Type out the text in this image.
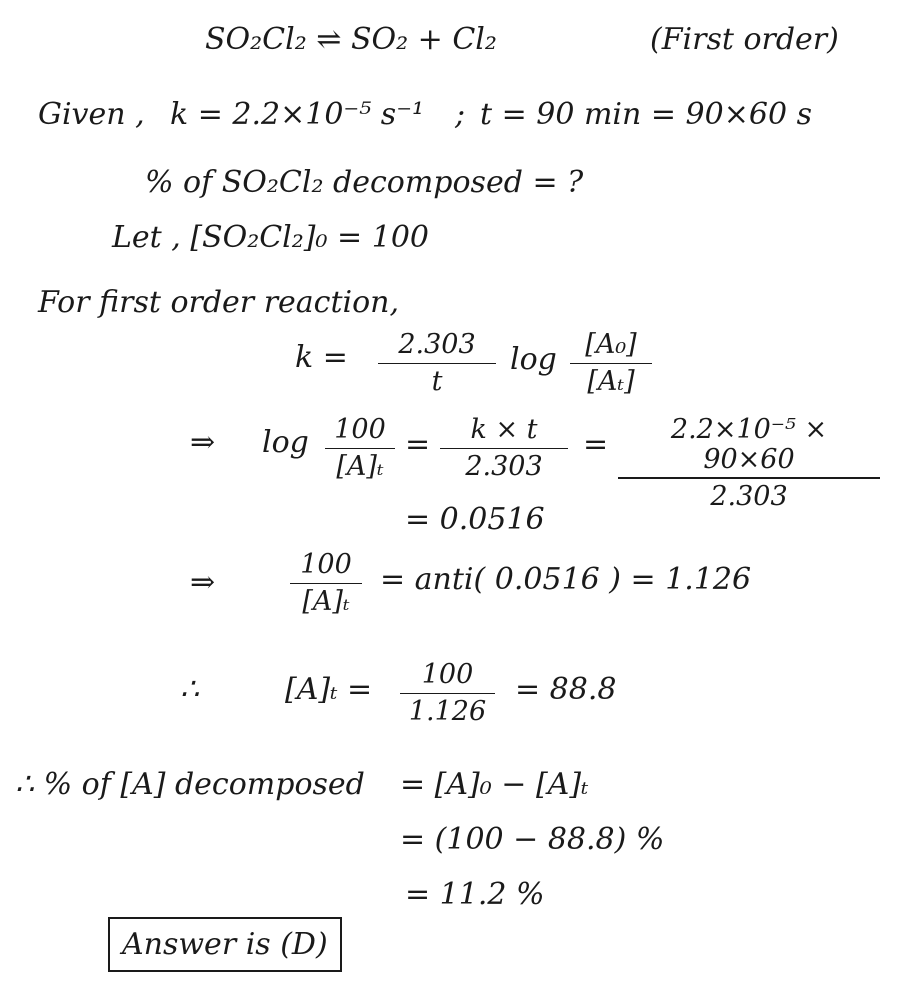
SO₂Cl₂ ⇌ SO₂ + Cl₂	(First order)
Given , k = 2.2×10⁻⁵ s⁻¹ ; t = 90 min = 90×60 s
% of SO₂Cl₂ decomposed = ?
Let , [SO₂Cl₂]₀ = 100
For first order reaction,
k =	2.303
t
log	[A₀]
[Aₜ]
⇒ log 100
[A]ₜ
=	k × t
2.303
=	2.2×10⁻⁵ × 90×60
2.303
= 0.0516
⇒
100
[A]ₜ
= anti( 0.0516 ) = 1.126
∴	[A]ₜ =	100
1.126
= 88.8
∴ % of [A] decomposed = [A]₀ − [A]ₜ
= (100 − 88.8) %
= 11.2 %
Answer is (D)
